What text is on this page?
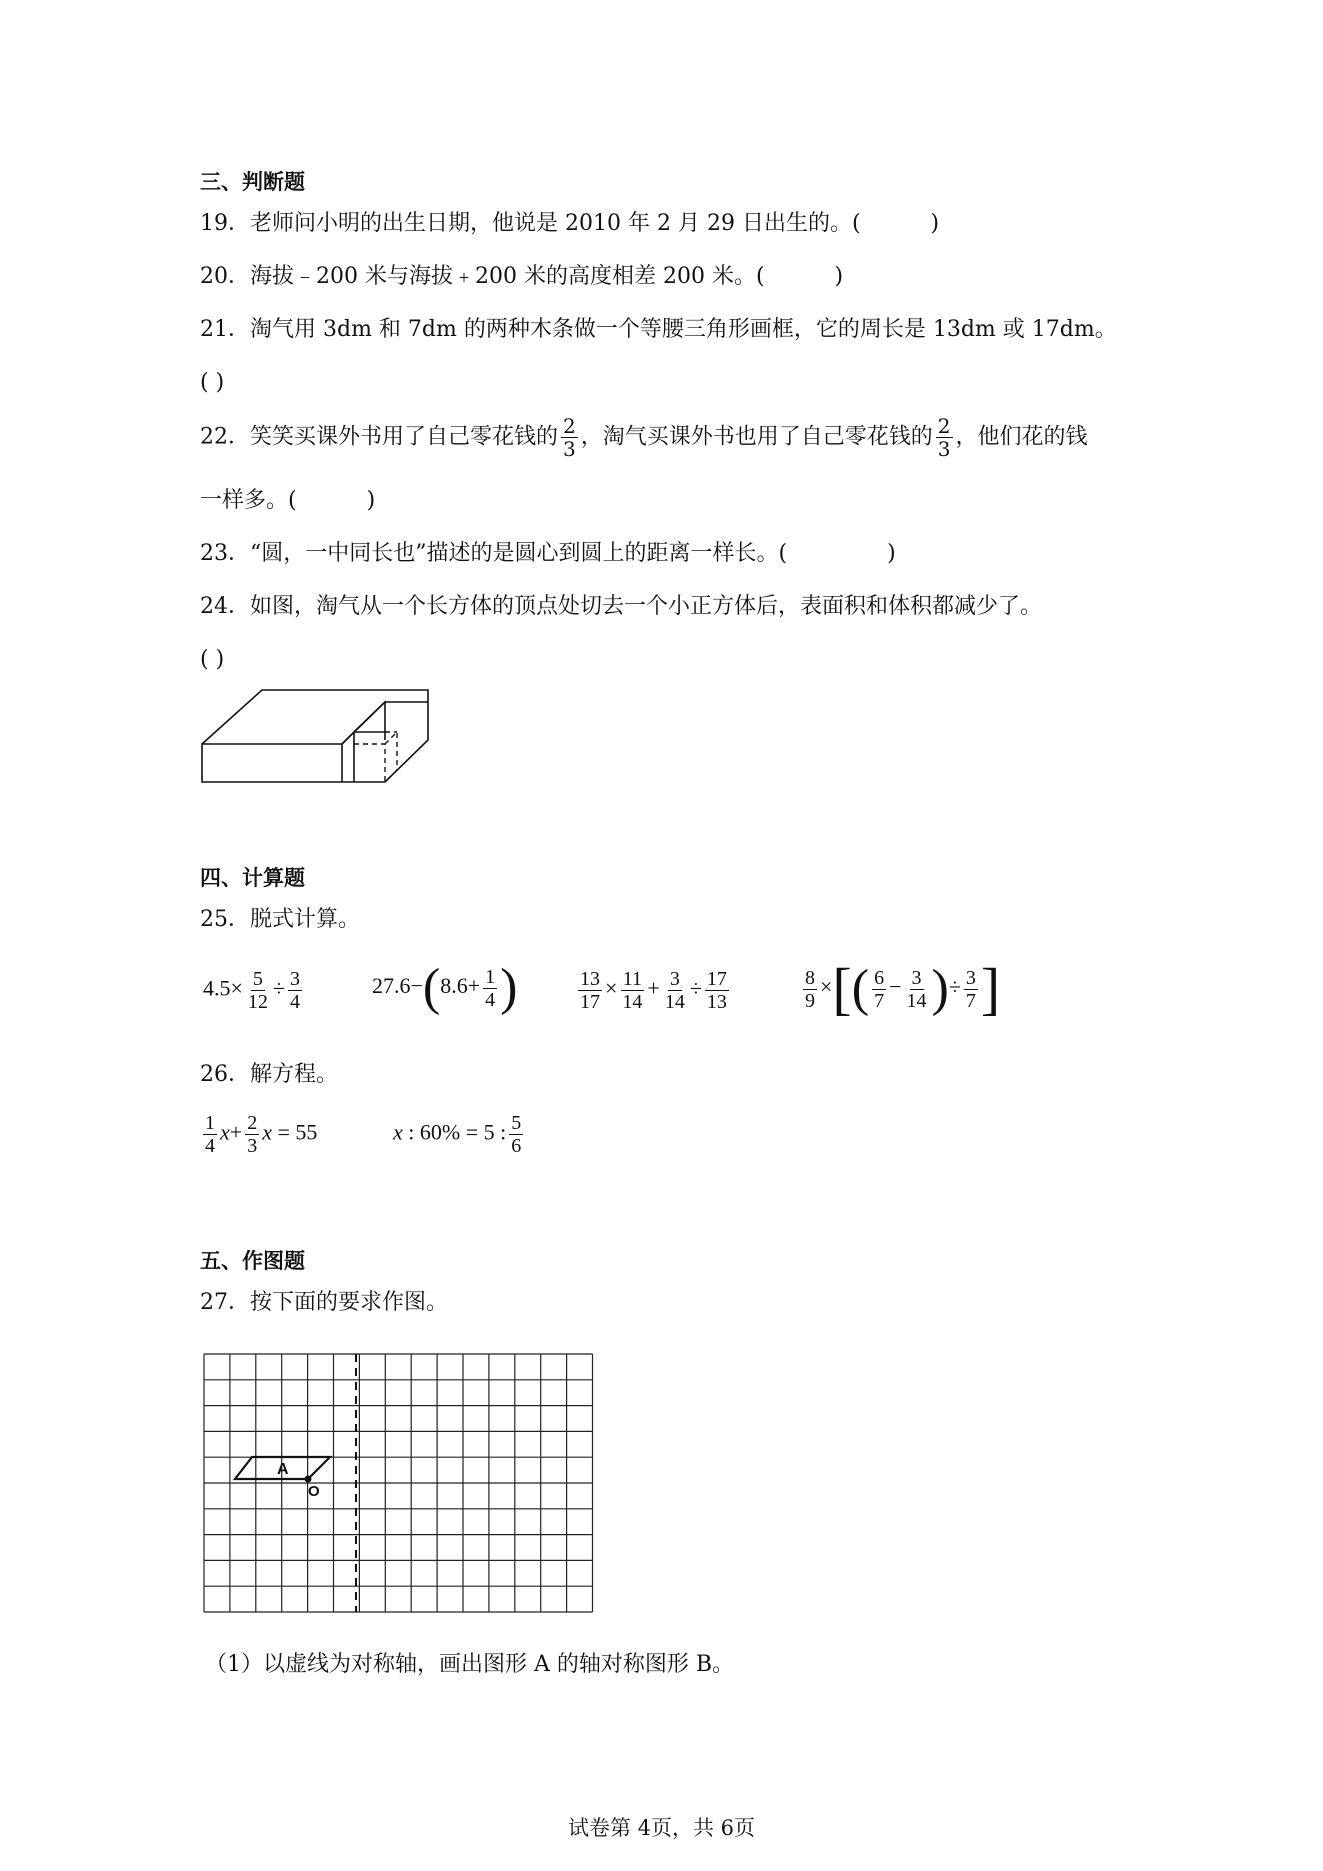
三、判断题
19．老师问小明的出生日期，他说是 2010 年 2 月 29 日出生的。(	)
20．海拔﹣200 米与海拔﹢200 米的高度相差 200 米。(	)
21．淘气用 3dm 和 7dm 的两种木条做一个等腰三角形画框，它的周长是 13dm 或 17dm。
( )
22．笑笑买课外书用了自己零花钱的 $\frac{2}{3}$ ，淘气买课外书也用了自己零花钱的 $\frac{2}{3}$ ，他们花的钱
一样多。(	)
23．“圆，一中同长也”描述的是圆心到圆上的距离一样长。(	)
24．如图，淘气从一个长方体的顶点处切去一个小正方体后，表面积和体积都减少了。
( )
四、计算题
25．脱式计算。
$4.5\times \frac{5}{12} \div \frac{3}{4}$	$27.6-(8.6+ \frac{1}{4}$ )	$\frac{13}{17} \times \frac{11}{14} + \frac{3}{14} \div \frac{17}{13}$	$\frac{8}{9}$ ×[( $\frac{6}{7} - \frac{3}{14}$ )÷ $\frac{3}{7}$ ]
26．解方程。
$\frac{1}{4} x+ \frac{2}{3}$ x = 55	x : 60% = 5 : $\frac{5}{6}$
五、作图题
27．按下面的要求作图。
A
O
（1）以虚线为对称轴，画出图形 A 的轴对称图形 B。
试卷第 4页，共 6页
